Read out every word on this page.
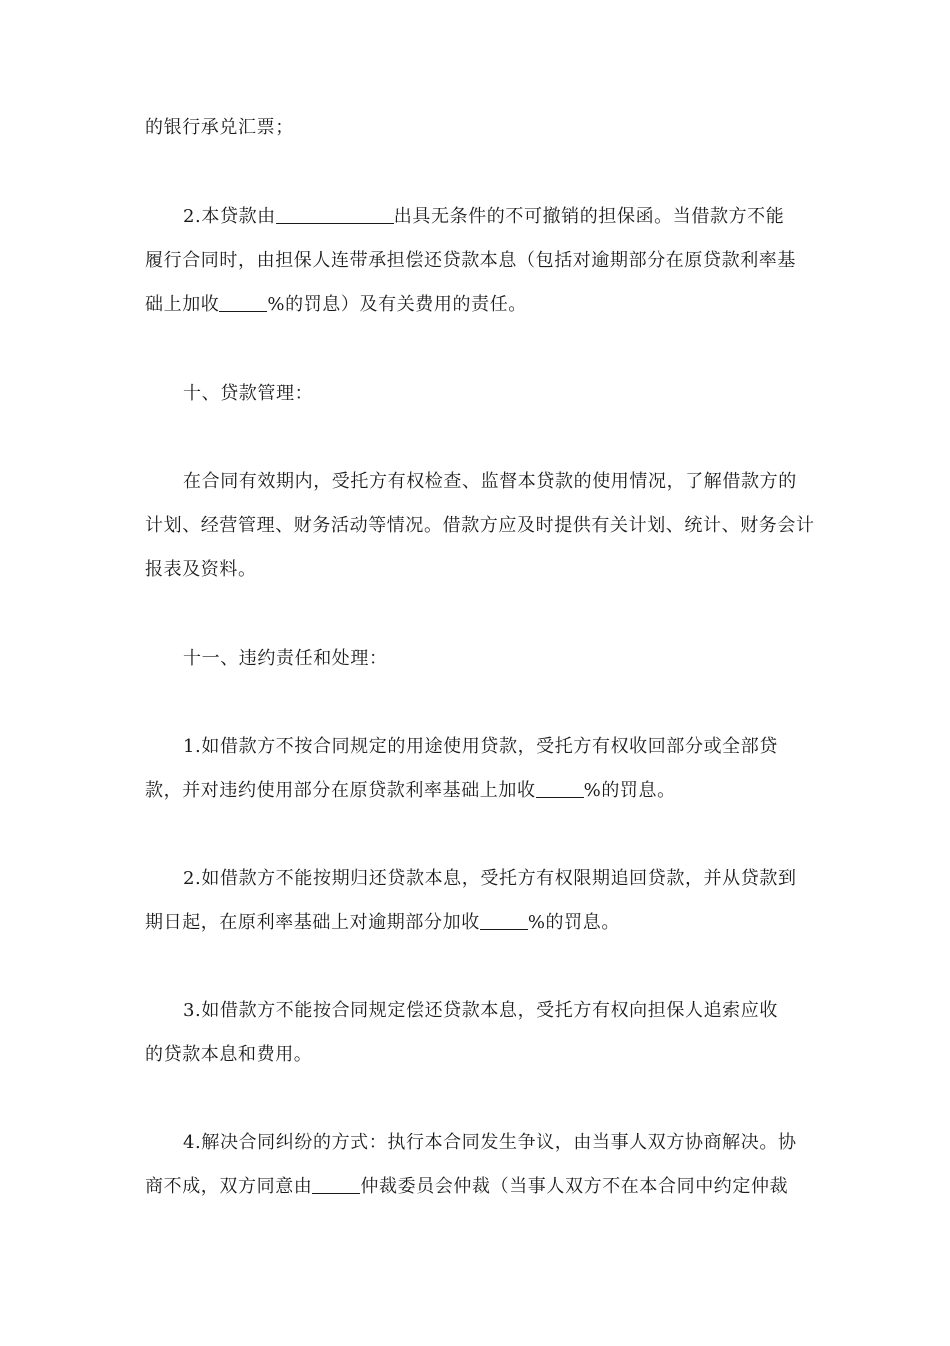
的银行承兑汇票；
2.本贷款由	出具无条件的不可撤销的担保函。当借款方不能
履行合同时，由担保人连带承担偿还贷款本息（包括对逾期部分在原贷款利率基
础上加收	%的罚息）及有关费用的责任。
十、贷款管理：
在合同有效期内，受托方有权检查、监督本贷款的使用情况，了解借款方的
计划、经营管理、财务活动等情况。借款方应及时提供有关计划、统计、财务会计
报表及资料。
十一、违约责任和处理：
1.如借款方不按合同规定的用途使用贷款，受托方有权收回部分或全部贷
款，并对违约使用部分在原贷款利率基础上加收	%的罚息。
2.如借款方不能按期归还贷款本息，受托方有权限期追回贷款，并从贷款到
期日起，在原利率基础上对逾期部分加收	%的罚息。
3.如借款方不能按合同规定偿还贷款本息，受托方有权向担保人追索应收
的贷款本息和费用。
4.解决合同纠纷的方式：执行本合同发生争议，由当事人双方协商解决。协
商不成，双方同意由	仲裁委员会仲裁（当事人双方不在本合同中约定仲裁
